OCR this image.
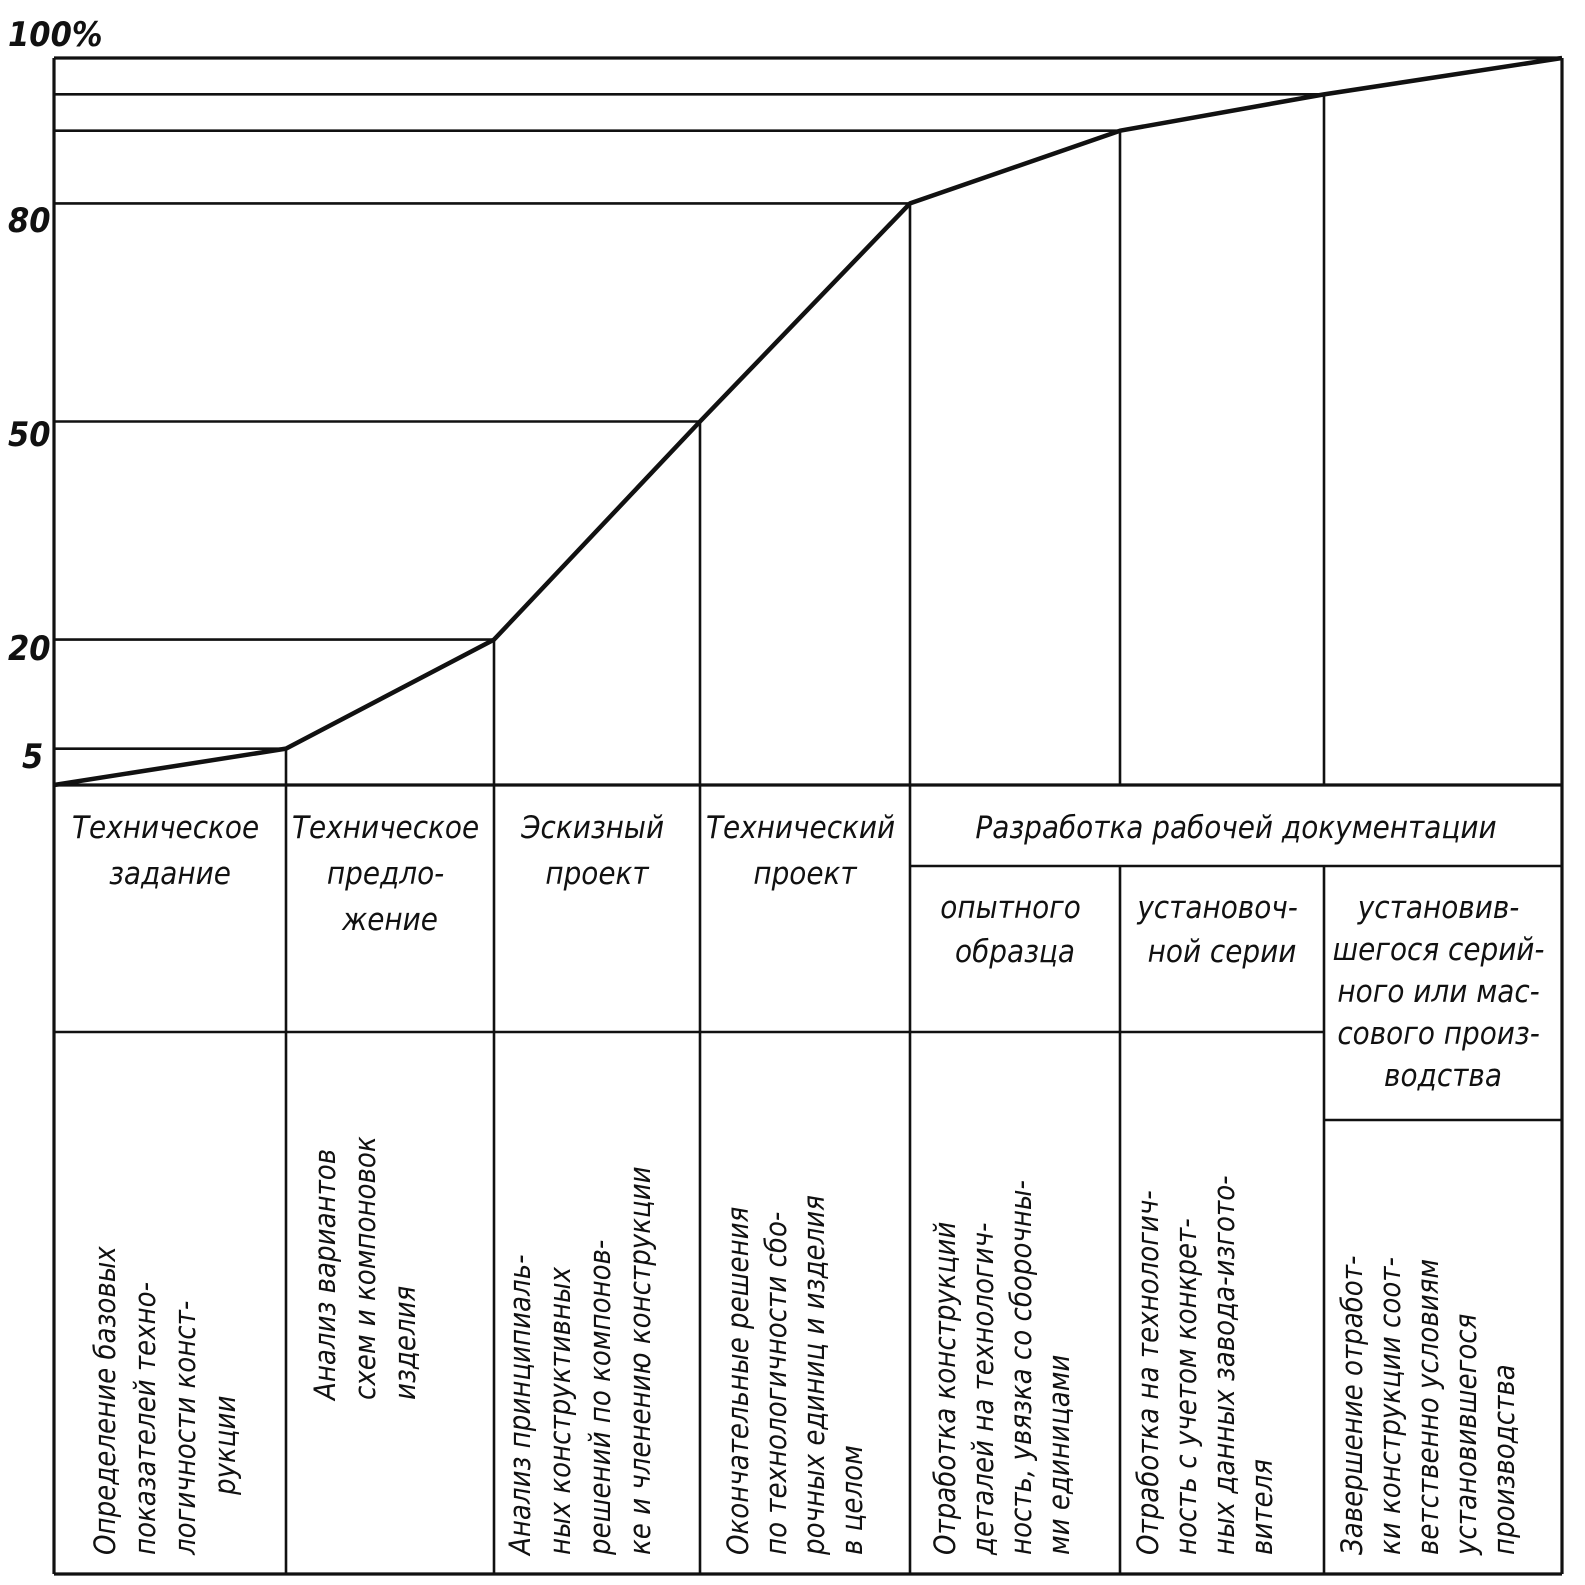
100%
80
50
20
5
Техническое задание
Техническое предло- жение
Эскизный проект
Технический проект
Разработка рабочей документации
опытного образца
установоч- ной серии
установив- шегося серий- ного или мас- сового произ- водства
Определение базовых показателей техно- логичности конст- рукции
Анализ вариантов схем и компоновок изделия	Анализ принципиаль- ных конструктивных решений по компонов- ке и членению конструкции Окончательные решения по технологичности сбо- рочных единиц и изделия в целом Отработка конструкций деталей на технологич- ность, увязка со сборочны- ми единицами Отработка на технологич- ность с учетом конкрет- ных данных завода-изгото- вителя Завершение отработ- ки конструкции соот- ветственно условиям установившегося производства
